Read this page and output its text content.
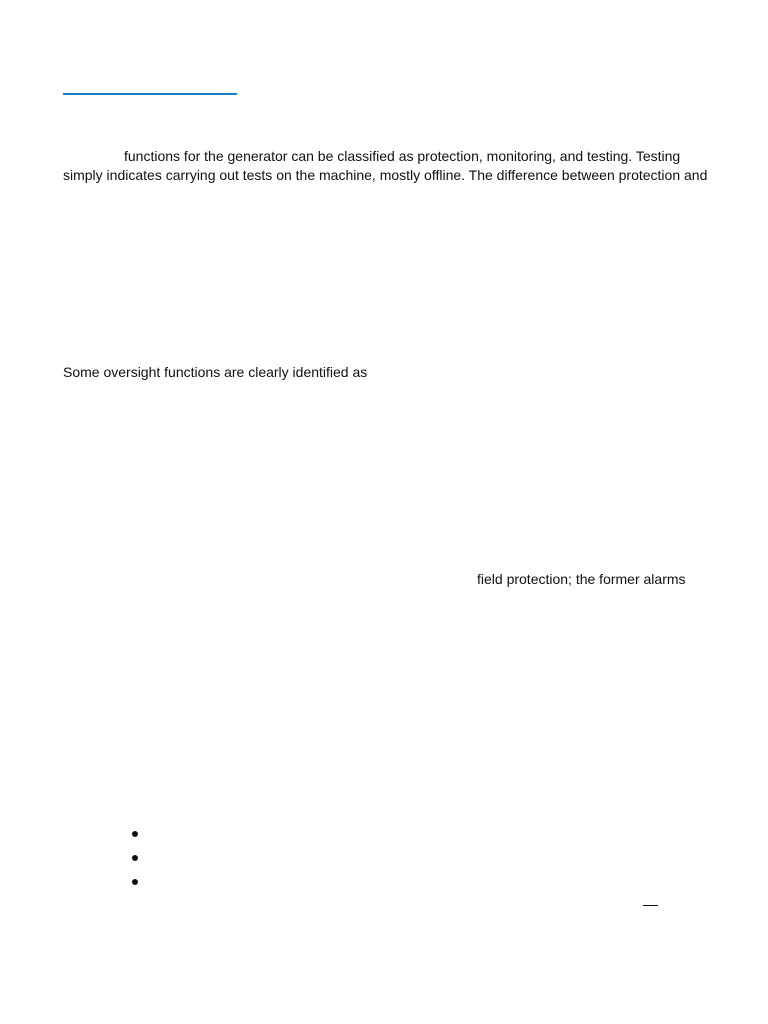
functions for the generator can be classified as protection, monitoring, and testing. Testing
simply indicates carrying out tests on the machine, mostly offline. The difference between protection and
Some oversight functions are clearly identified as
field protection; the former alarms
